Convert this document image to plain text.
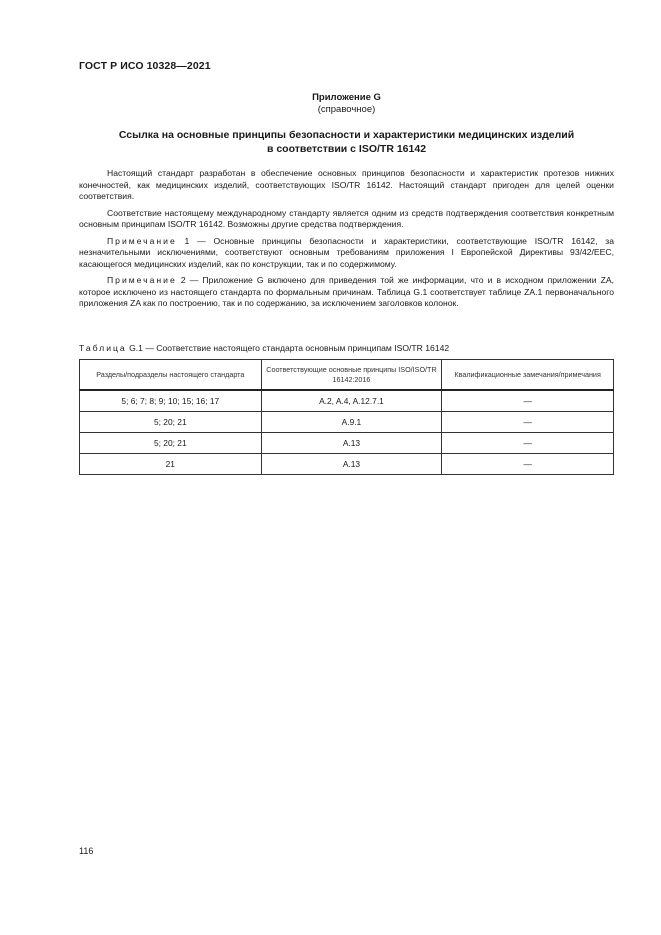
ГОСТ Р ИСО 10328—2021
Приложение G
(справочное)
Ссылка на основные принципы безопасности и характеристики медицинских изделий
в соответствии с ISO/TR 16142

Настоящий стандарт разработан в обеспечение основных принципов безопасности и характеристик протезов нижних конечностей, как медицинских изделий, соответствующих ISO/TR 16142. Настоящий стандарт пригоден для целей оценки соответствия.

Соответствие настоящему международному стандарту является одним из средств подтверждения соответствия конкретным основным принципам ISO/TR 16142. Возможны другие средства подтверждения.

Примечание 1 — Основные принципы безопасности и характеристики, соответствующие ISO/TR 16142, за незначительными исключениями, соответствуют основным требованиям приложения I Европейской Директивы 93/42/ЕЕС, касающегося медицинских изделий, как по конструкции, так и по содержимому.

Примечание 2 — Приложение G включено для приведения той же информации, что и в исходном приложении ZA, которое исключено из настоящего стандарта по формальным причинам. Таблица G.1 соответствует таблице ZA.1 первоначального приложения ZA как по построению, так и по содержанию, за исключением заголовков колонок.

Таблица G.1 — Соответствие настоящего стандарта основным принципам ISO/TR 16142
Разделы/подразделы настоящего стандарта	Соответствующие основные принципы ISO/ISO/TR 16142:2016	Квалификационные замечания/примечания
5; 6; 7; 8; 9; 10; 15; 16; 17	A.2, A.4, A.12.7.1	—
5; 20; 21	A.9.1	—
5; 20; 21	A.13	—
21	A.13	—
116
